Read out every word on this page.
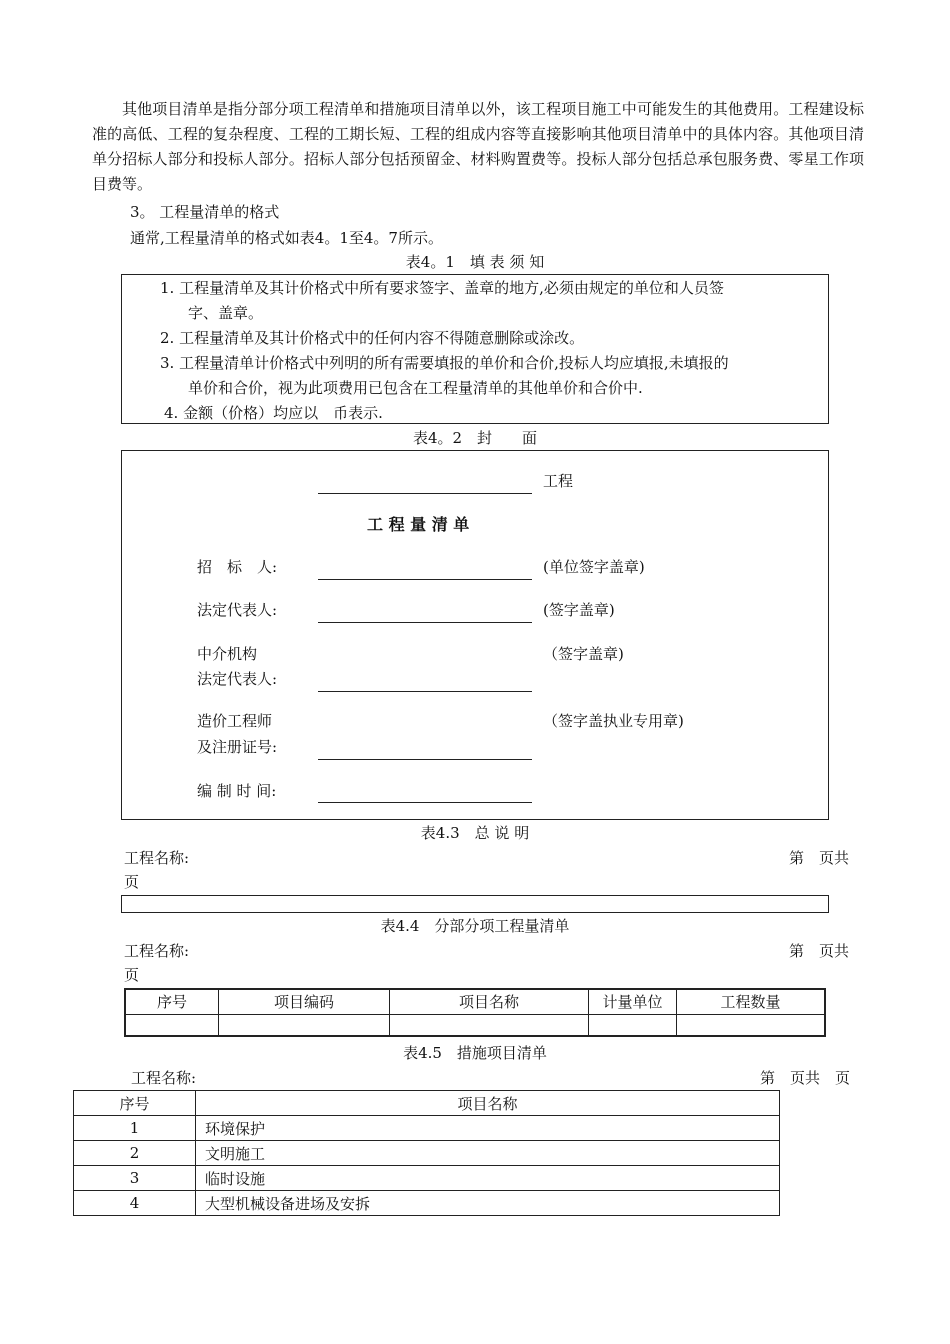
其他项目清单是指分部分项工程清单和措施项目清单以外，该工程项目施工中可能发生的其他费用。工程建设标准的高低、工程的复杂程度、工程的工期长短、工程的组成内容等直接影响其他项目清单中的具体内容。其他项目清单分招标人部分和投标人部分。招标人部分包括预留金、材料购置费等。投标人部分包括总承包服务费、零星工作项目费等。

3。 工程量清单的格式
通常,工程量清单的格式如表4。1至4。7所示。
表4。1　填 表 须 知
1. 工程量清单及其计价格式中所有要求签字、盖章的地方,必须由规定的单位和人员签
字、盖章。
2. 工程量清单及其计价格式中的任何内容不得随意删除或涂改。
3. 工程量清单计价格式中列明的所有需要填报的单价和合价,投标人均应填报,未填报的
单价和合价，视为此项费用已包含在工程量清单的其他单价和合价中.
4. 金额（价格）均应以　币表示.
表4。2　封　　面
工程
工 程 量 清 单
招　标　人:	(单位签字盖章)
法定代表人:	(签字盖章)
中介机构
法定代表人:
（签字盖章)
造价工程师
及注册证号:
（签字盖执业专用章)
编 制 时 间:
表4.3　总 说 明
工程名称:	第　页共
页
表4.4　分部分项工程量清单
工程名称:	第　页共
页
序号	项目编码	项目名称	计量单位	工程数量

表4.5　措施项目清单
工程名称:	第　页共　页
序号	项目名称
1	环境保护
2	文明施工
3	临时设施
4	大型机械设备进场及安拆
